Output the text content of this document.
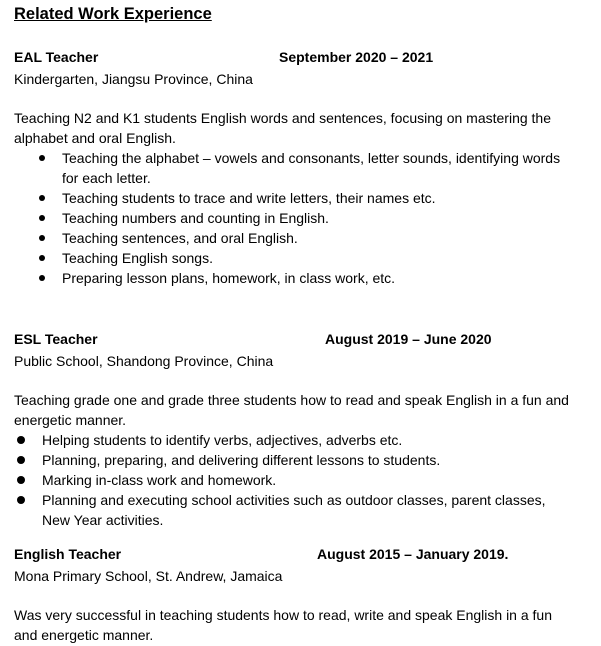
Related Work Experience
EAL Teacher	September 2020 – 2021
Kindergarten, Jiangsu Province, China
Teaching N2 and K1 students English words and sentences, focusing on mastering the alphabet and oral English.
Teaching the alphabet – vowels and consonants, letter sounds, identifying words for each letter.
Teaching students to trace and write letters, their names etc.
Teaching numbers and counting in English.
Teaching sentences, and oral English.
Teaching English songs.
Preparing lesson plans, homework, in class work, etc.
ESL Teacher	August 2019 – June 2020
Public School, Shandong Province, China
Teaching grade one and grade three students how to read and speak English in a fun and energetic manner.
Helping students to identify verbs, adjectives, adverbs etc.
Planning, preparing, and delivering different lessons to students.
Marking in-class work and homework.
Planning and executing school activities such as outdoor classes, parent classes, New Year activities.
English Teacher	August 2015 – January 2019.
Mona Primary School, St. Andrew, Jamaica
Was very successful in teaching students how to read, write and speak English in a fun and energetic manner.
